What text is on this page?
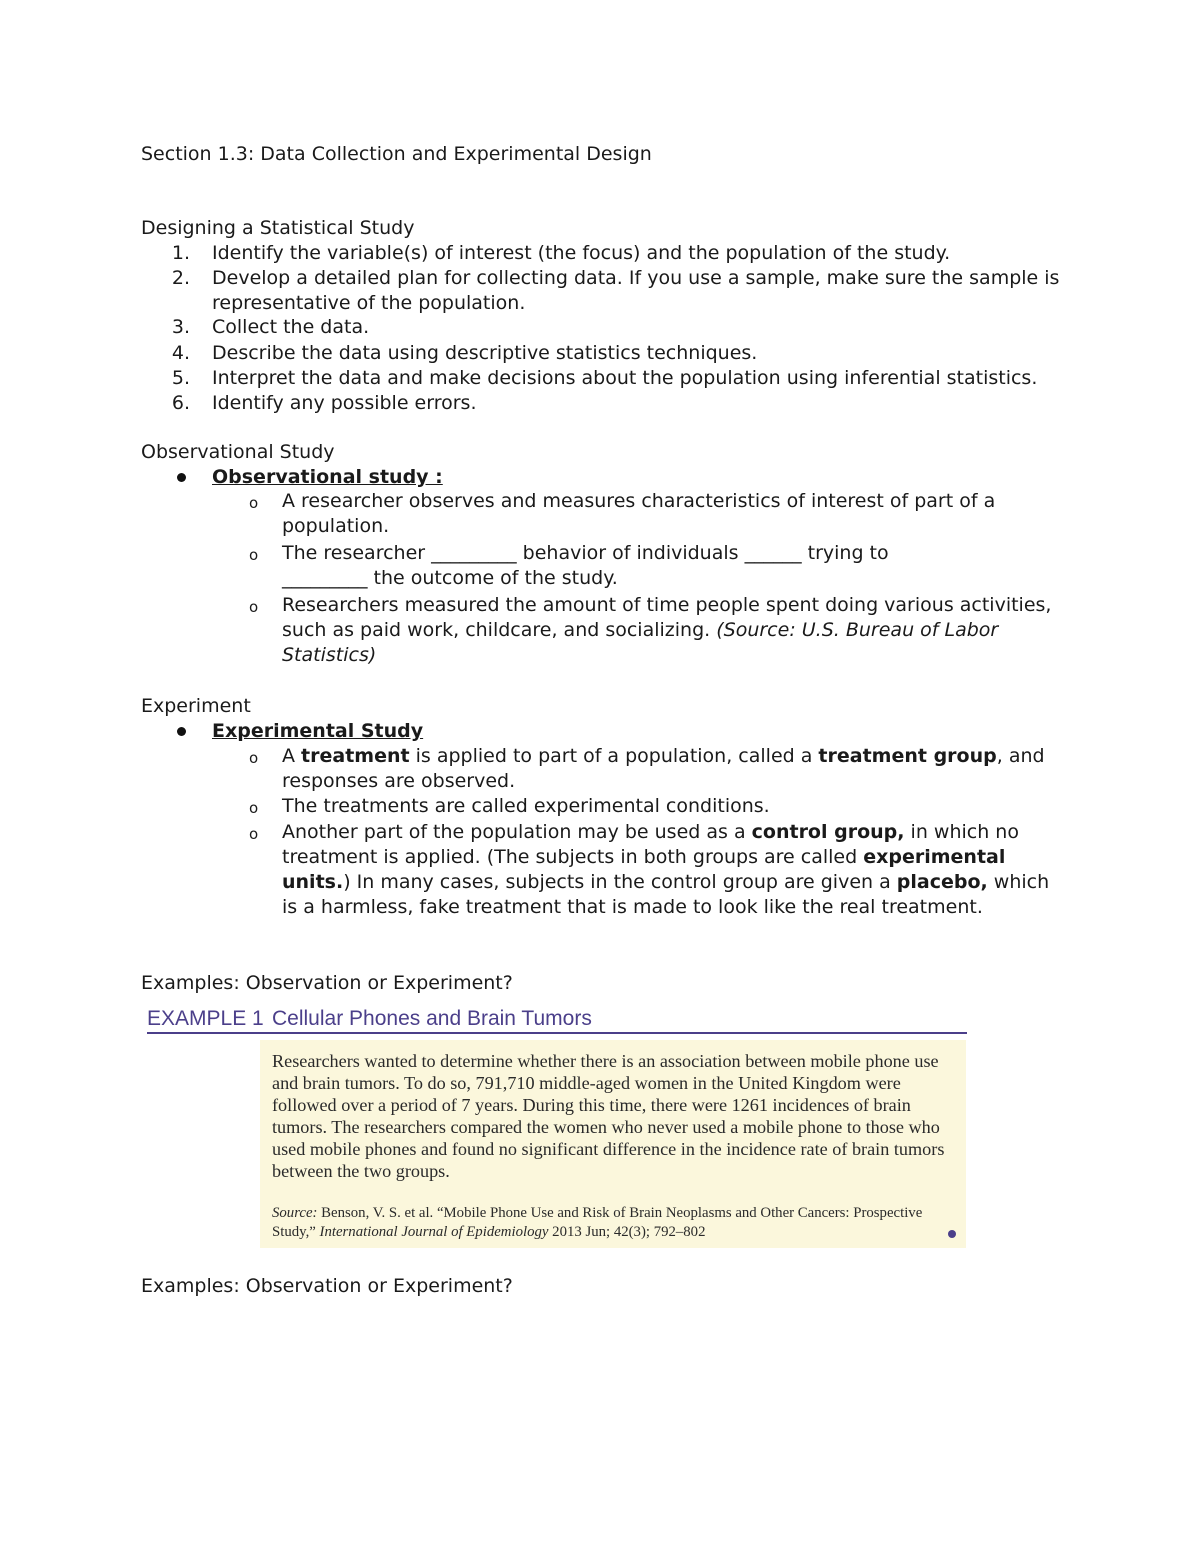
Section 1.3: Data Collection and Experimental Design
Designing a Statistical Study
1. Identify the variable(s) of interest (the focus) and the population of the study.
2. Develop a detailed plan for collecting data. If you use a sample, make sure the sample is representative of the population.
3. Collect the data.
4. Describe the data using descriptive statistics techniques.
5. Interpret the data and make decisions about the population using inferential statistics.
6. Identify any possible errors.
Observational Study
Observational study :
o A researcher observes and measures characteristics of interest of part of a population.
o The researcher _________ behavior of individuals ______ trying to _________ the outcome of the study.
o Researchers measured the amount of time people spent doing various activities, such as paid work, childcare, and socializing. (Source: U.S. Bureau of Labor Statistics)
Experiment
Experimental Study
o A treatment is applied to part of a population, called a treatment group, and responses are observed.
o The treatments are called experimental conditions.
o Another part of the population may be used as a control group, in which no treatment is applied. (The subjects in both groups are called experimental units.) In many cases, subjects in the control group are given a placebo, which is a harmless, fake treatment that is made to look like the real treatment.
Examples: Observation or Experiment?
EXAMPLE 1 Cellular Phones and Brain Tumors
Researchers wanted to determine whether there is an association between mobile phone use and brain tumors. To do so, 791,710 middle-aged women in the United Kingdom were followed over a period of 7 years. During this time, there were 1261 incidences of brain tumors. The researchers compared the women who never used a mobile phone to those who used mobile phones and found no significant difference in the incidence rate of brain tumors between the two groups.
Source: Benson, V. S. et al. “Mobile Phone Use and Risk of Brain Neoplasms and Other Cancers: Prospective Study,” International Journal of Epidemiology 2013 Jun; 42(3); 792–802
Examples: Observation or Experiment?
